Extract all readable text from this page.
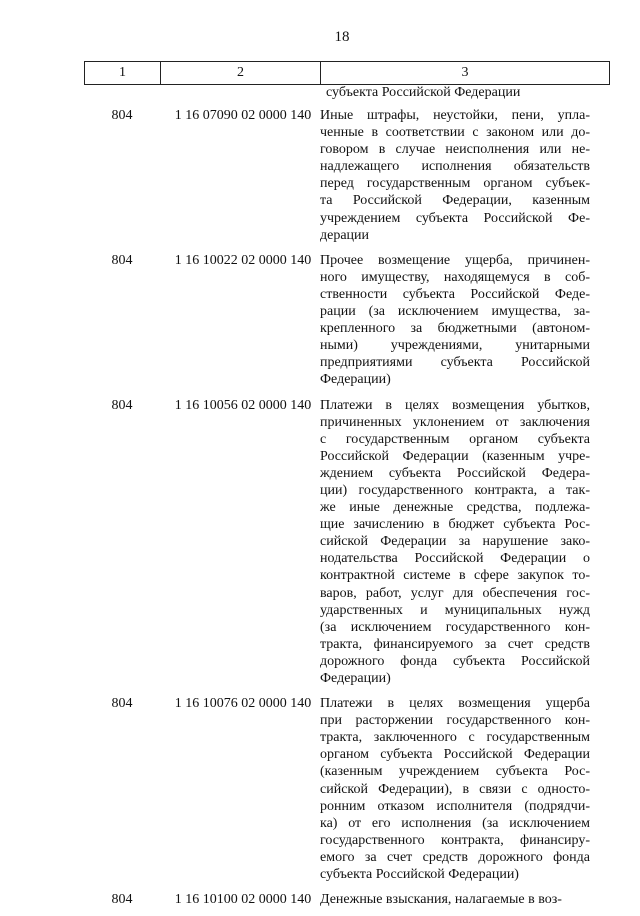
18
1	2	3
субъекта Российской Федерации
804	1 16 07090 02 0000 140 Иные штрафы, неустойки, пени, упла-
ченные в соответствии с законом или до-
говором в случае неисполнения или не-
надлежащего исполнения обязательств
перед государственным органом субъек-
та Российской Федерации, казенным
учреждением субъекта Российской Фе-
дерации
804	1 16 10022 02 0000 140 Прочее возмещение ущерба, причинен-
ного имуществу, находящемуся в соб-
ственности субъекта Российской Феде-
рации (за исключением имущества, за-
крепленного за бюджетными (автоном-
ными) учреждениями, унитарными
предприятиями субъекта Российской
Федерации)
804	1 16 10056 02 0000 140 Платежи в целях возмещения убытков,
причиненных уклонением от заключения
с государственным органом субъекта
Российской Федерации (казенным учре-
ждением субъекта Российской Федера-
ции) государственного контракта, а так-
же иные денежные средства, подлежа-
щие зачислению в бюджет субъекта Рос-
сийской Федерации за нарушение зако-
нодательства Российской Федерации о
контрактной системе в сфере закупок то-
варов, работ, услуг для обеспечения гос-
ударственных и муниципальных нужд
(за исключением государственного кон-
тракта, финансируемого за счет средств
дорожного фонда субъекта Российской
Федерации)
804	1 16 10076 02 0000 140 Платежи в целях возмещения ущерба
при расторжении государственного кон-
тракта, заключенного с государственным
органом субъекта Российской Федерации
(казенным учреждением субъекта Рос-
сийской Федерации), в связи с односто-
ронним отказом исполнителя (подрядчи-
ка) от его исполнения (за исключением
государственного контракта, финансиру-
емого за счет средств дорожного фонда
субъекта Российской Федерации)
804	1 16 10100 02 0000 140 Денежные взыскания, налагаемые в воз-
